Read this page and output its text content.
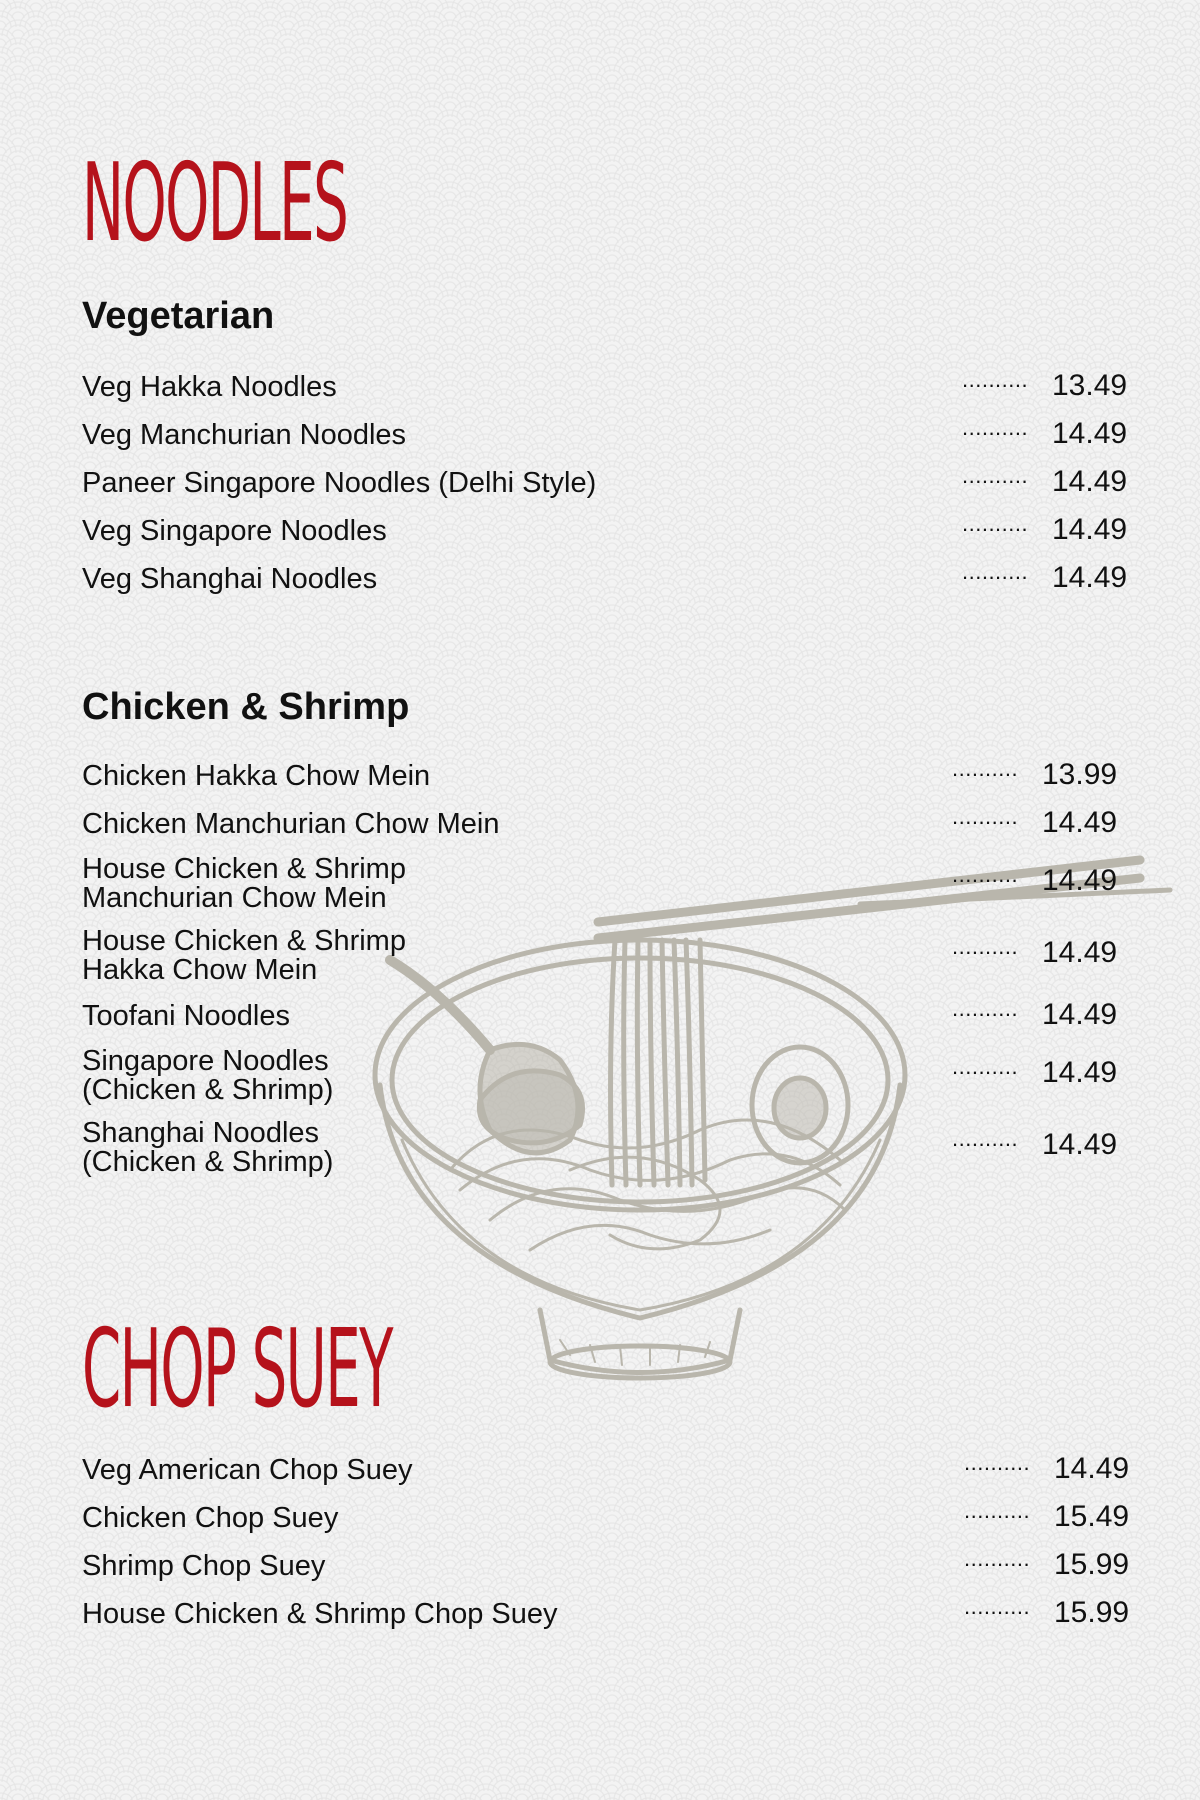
NOODLES
Vegetarian
Veg Hakka Noodles	.......... 13.49
Veg Manchurian Noodles	.......... 14.49
Paneer Singapore Noodles (Delhi Style)	.......... 14.49
Veg Singapore Noodles	.......... 14.49
Veg Shanghai Noodles	.......... 14.49
Chicken & Shrimp
Chicken Hakka Chow Mein	.......... 13.99
Chicken Manchurian Chow Mein	.......... 14.49
House Chicken & Shrimp
Manchurian Chow Mein
.......... 14.49
House Chicken & Shrimp
Hakka Chow Mein
.......... 14.49
Toofani Noodles	.......... 14.49
Singapore Noodles
(Chicken & Shrimp)
.......... 14.49
Shanghai Noodles
(Chicken & Shrimp)
.......... 14.49
CHOP SUEY
Veg American Chop Suey	.......... 14.49
Chicken Chop Suey	.......... 15.49
Shrimp Chop Suey	.......... 15.99
House Chicken & Shrimp Chop Suey	.......... 15.99
